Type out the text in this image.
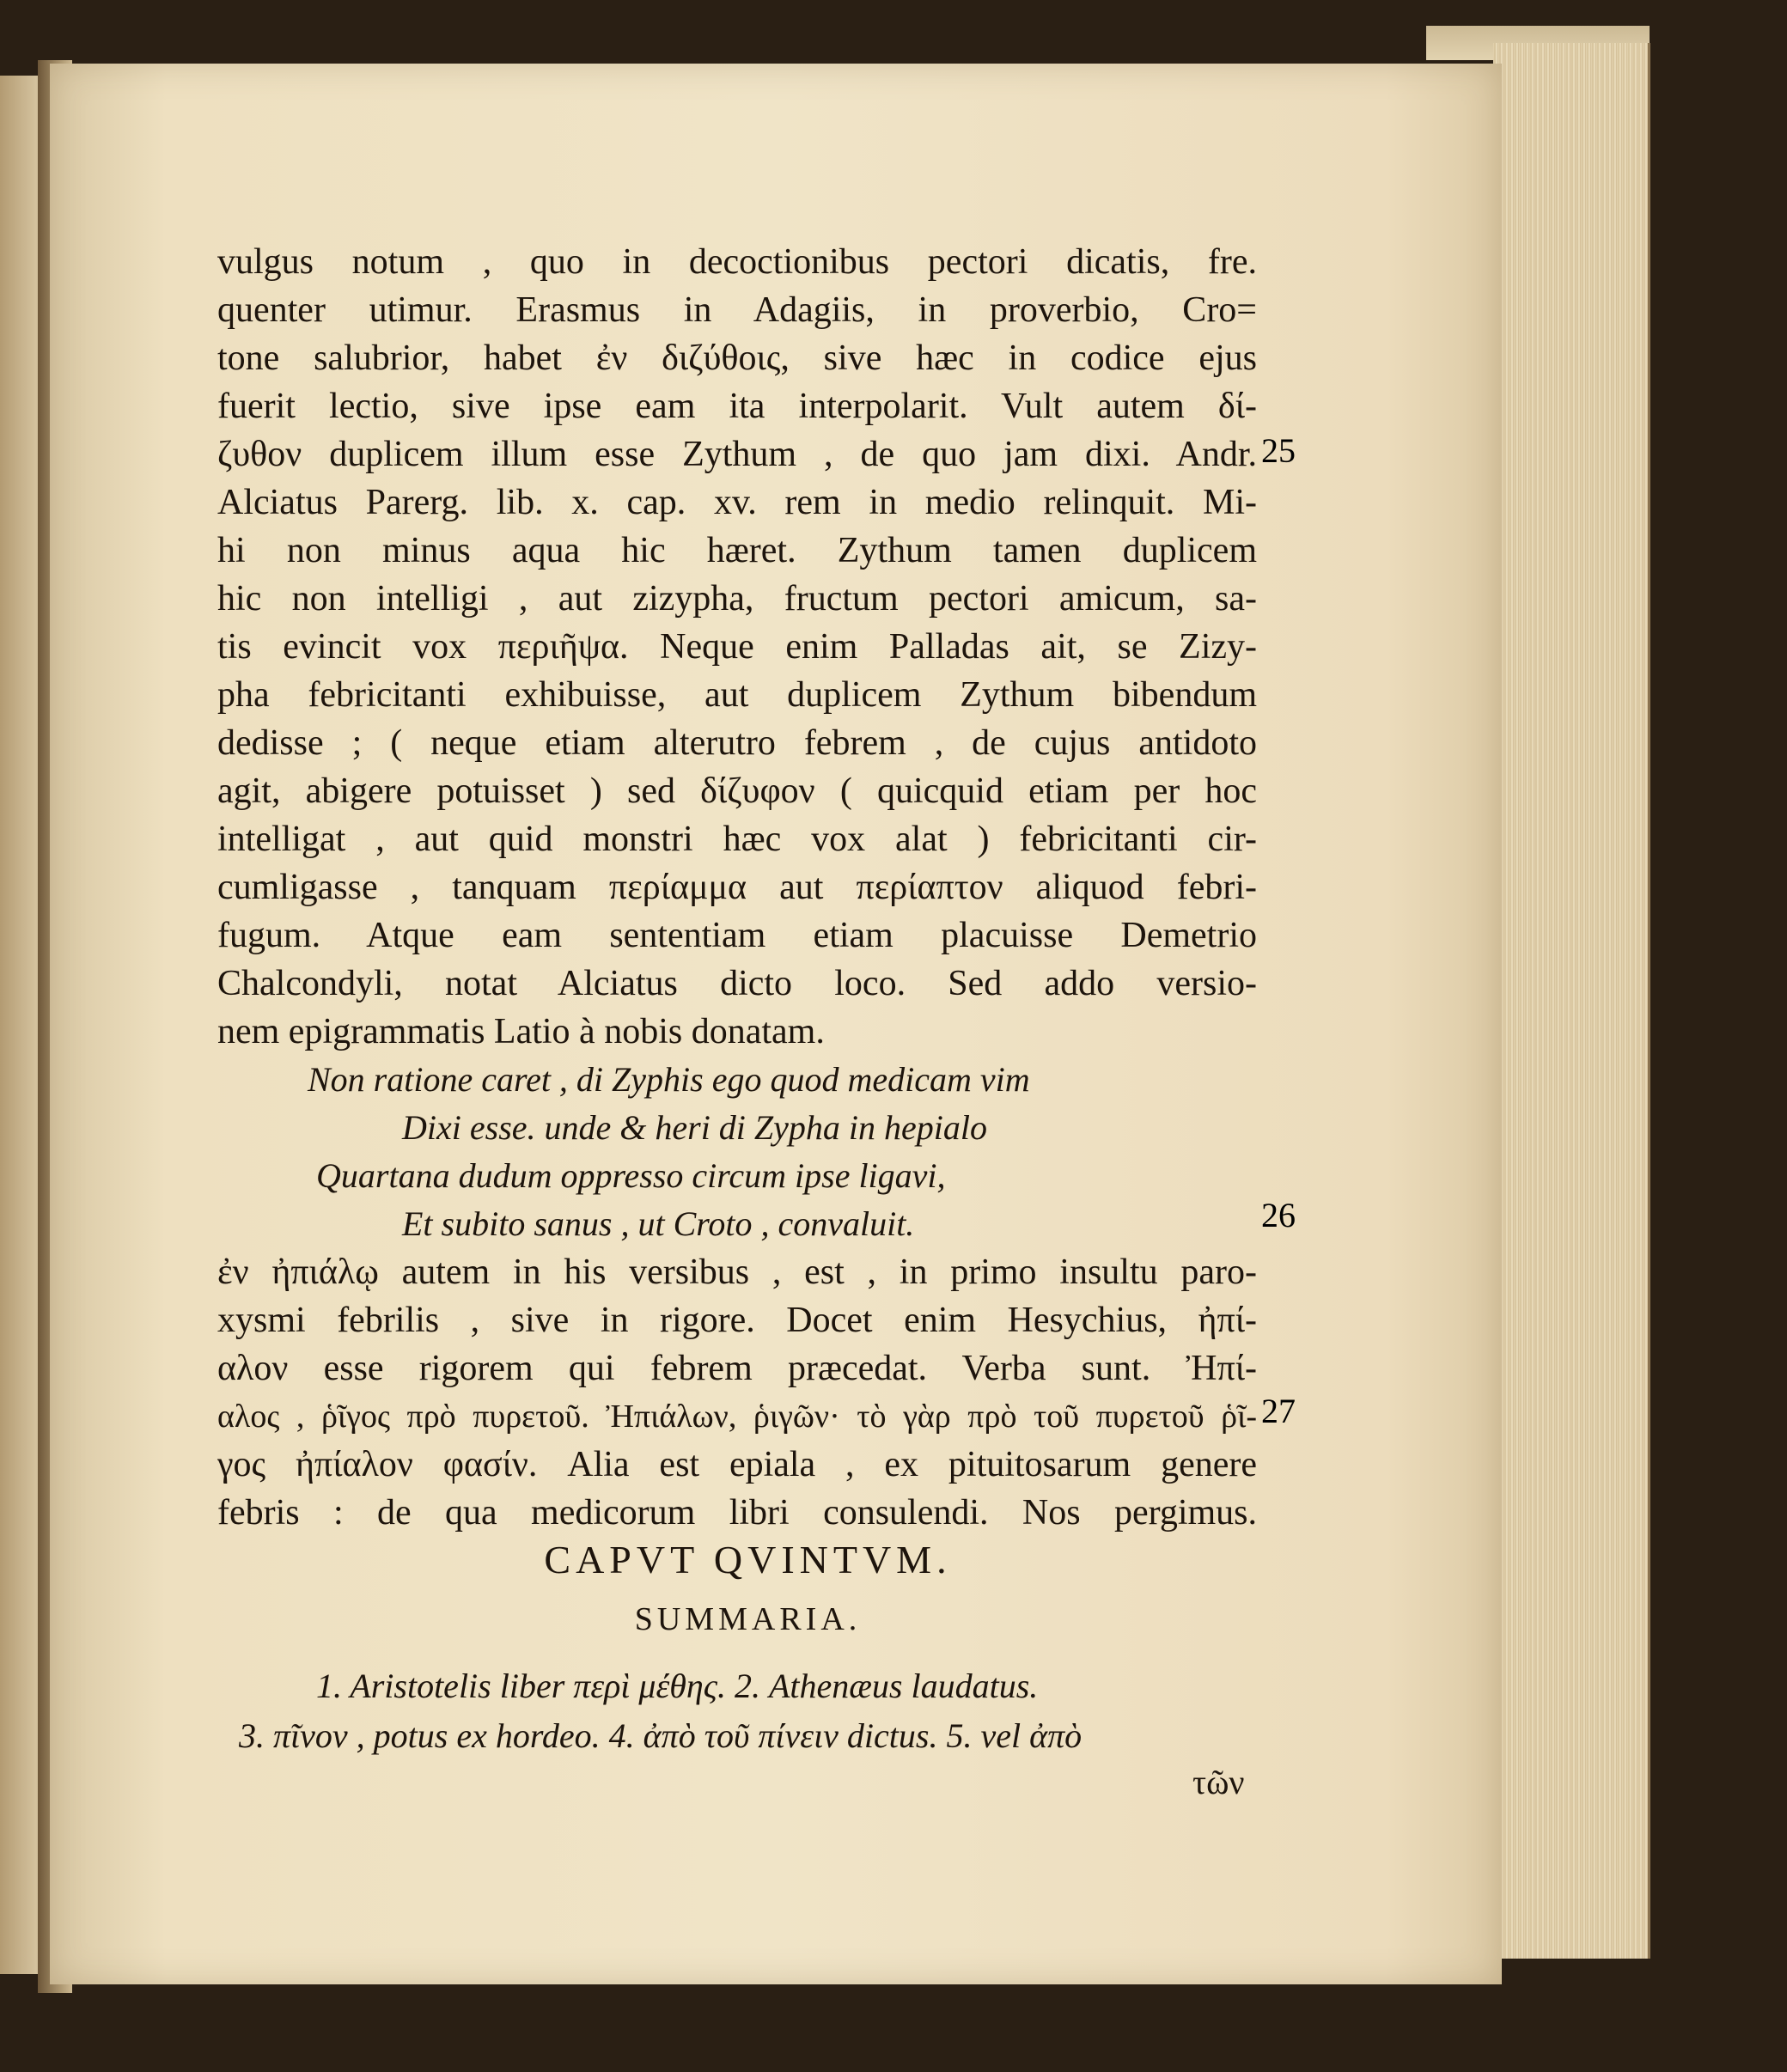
vulgus notum , quo in decoctionibus pectori dicatis, fre.
quenter utimur. Erasmus in Adagiis, in proverbio, Cro=
tone salubrior, habet ἐν διζύθοις, sive hæc in codice ejus
fuerit lectio, sive ipse eam ita interpolarit. Vult autem δί-
ζυθον duplicem illum esse Zythum , de quo jam dixi. Andr.
Alciatus Parerg. lib. x. cap. xv. rem in medio relinquit. Mi-
hi non minus aqua hic hæret. Zythum tamen duplicem
hic non intelligi , aut zizypha, fructum pectori amicum, sa-
tis evincit vox περιῆψα. Neque enim Palladas ait, se Zizy-
pha febricitanti exhibuisse, aut duplicem Zythum bibendum
dedisse ; ( neque etiam alterutro febrem , de cujus antidoto
agit, abigere potuisset ) sed δίζυφον ( quicquid etiam per hoc
intelligat , aut quid monstri hæc vox alat ) febricitanti cir-
cumligasse , tanquam περίαμμα aut περίαπτον aliquod febri-
fugum. Atque eam sententiam etiam placuisse Demetrio
Chalcondyli, notat Alciatus dicto loco. Sed addo versio-
nem epigrammatis Latio à nobis donatam.
Non ratione caret , di Zyphis ego quod medicam vim
Dixi esse. unde & heri di Zypha in hepialo
Quartana dudum oppresso circum ipse ligavi,
Et subito sanus , ut Croto , convaluit.
ἐν ἠπιάλῳ autem in his versibus , est , in primo insultu paro-
xysmi febrilis , sive in rigore. Docet enim Hesychius, ἠπί-
αλον esse rigorem qui febrem præcedat. Verba sunt. Ἠπί-
αλος , ῥῖγος πρὸ πυρετοῦ. Ἠπιάλων, ῥιγῶν· τὸ γὰρ πρὸ τοῦ πυρετοῦ ῥῖ-
γος ἠπίαλον φασίν. Alia est epiala , ex pituitosarum genere
febris : de qua medicorum libri consulendi. Nos pergimus.
CAPVT QVINTVM.
SUMMARIA.
1. Aristotelis liber περὶ μέθης. 2. Athenæus laudatus.
3. πῖνον , potus ex hordeo. 4. ἀπὸ τοῦ πίνειν dictus. 5. vel ἀπὸ
τῶν
25
26
27
